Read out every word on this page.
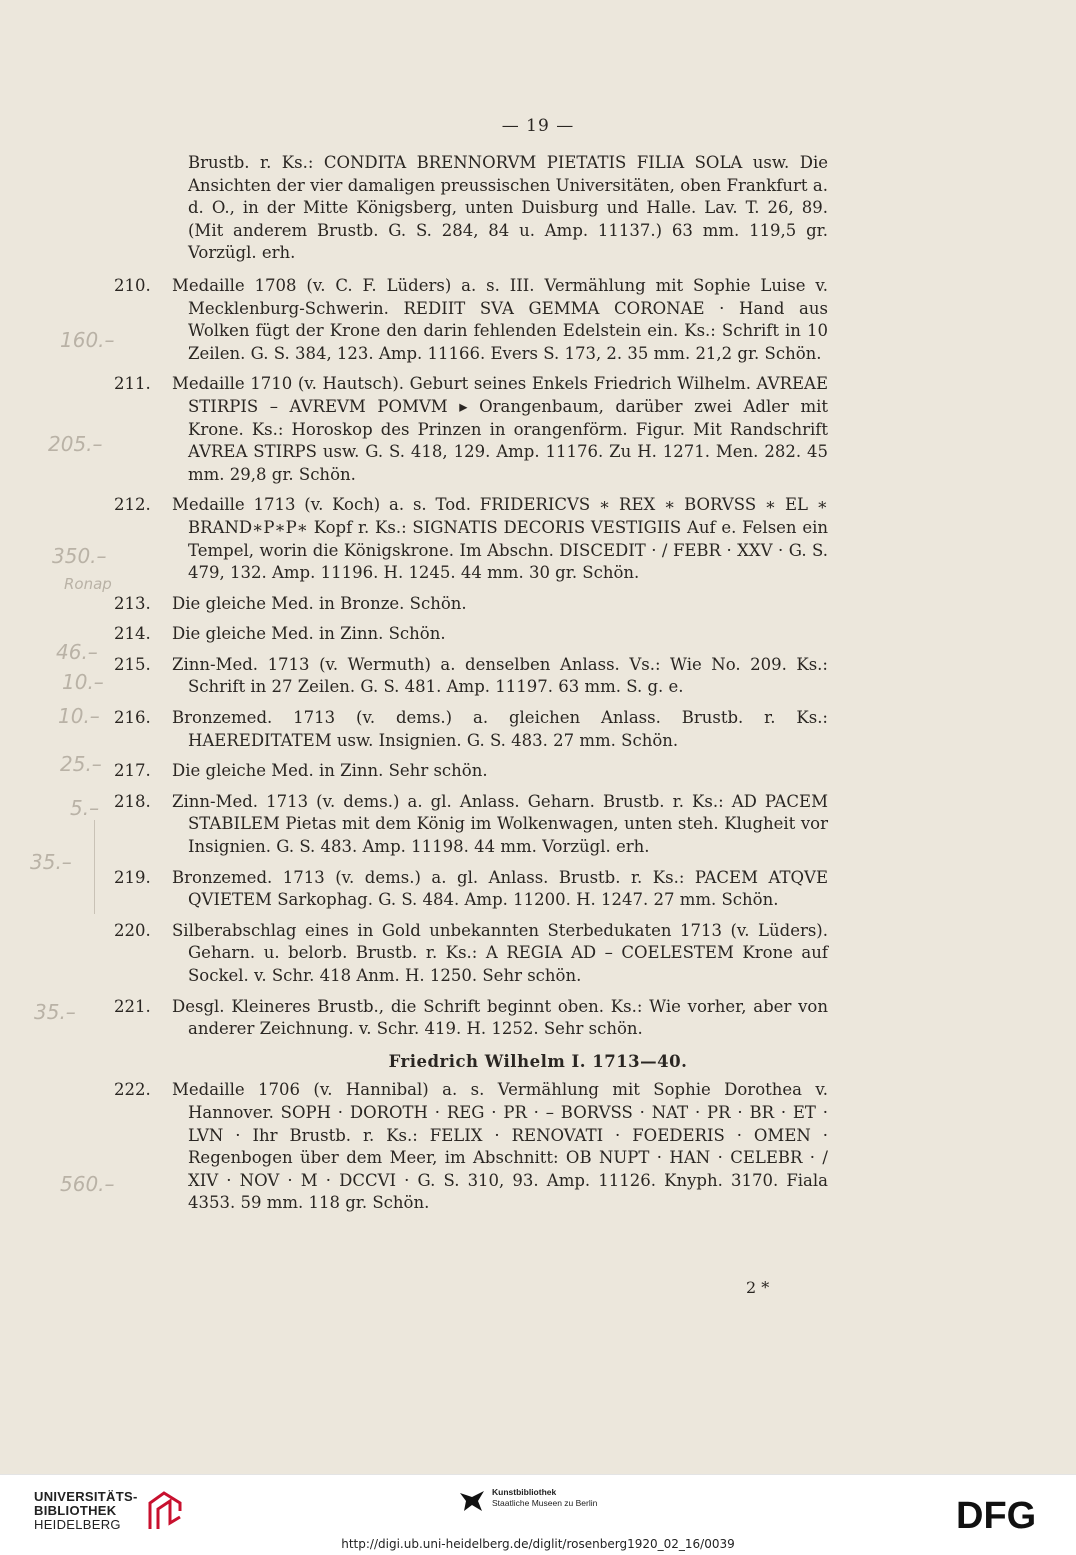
— 19 —
Brustb. r. Ks.: CONDITA BRENNORVM PIETATIS FILIA SOLA usw. Die Ansichten der vier damaligen preussischen Universitäten, oben Frankfurt a. d. O., in der Mitte Königsberg, unten Duisburg und Halle. Lav. T. 26, 89. (Mit anderem Brustb. G. S. 284, 84 u. Amp. 11137.) 63 mm. 119,5 gr. Vorzügl. erh.
210. Medaille 1708 (v. C. F. Lüders) a. s. III. Vermählung mit Sophie Luise v. Mecklenburg-Schwerin. REDIIT SVA GEMMA CORONAE · Hand aus Wolken fügt der Krone den darin fehlenden Edelstein ein. Ks.: Schrift in 10 Zeilen. G. S. 384, 123. Amp. 11166. Evers S. 173, 2. 35 mm. 21,2 gr. Schön.
211. Medaille 1710 (v. Hautsch). Geburt seines Enkels Friedrich Wilhelm. AVREAE STIRPIS – AVREVM POMVM ▸ Orangenbaum, darüber zwei Adler mit Krone. Ks.: Horoskop des Prinzen in orangenförm. Figur. Mit Randschrift AVREA STIRPS usw. G. S. 418, 129. Amp. 11176. Zu H. 1271. Men. 282. 45 mm. 29,8 gr. Schön.
212. Medaille 1713 (v. Koch) a. s. Tod. FRIDERICVS ∗ REX ∗ BORVSS ∗ EL ∗ BRAND∗P∗P∗ Kopf r. Ks.: SIGNATIS DECORIS VESTIGIIS Auf e. Felsen ein Tempel, worin die Königskrone. Im Abschn. DISCEDIT · / FEBR · XXV · G. S. 479, 132. Amp. 11196. H. 1245. 44 mm. 30 gr. Schön.
213. Die gleiche Med. in Bronze. Schön.
214. Die gleiche Med. in Zinn. Schön.
215. Zinn-Med. 1713 (v. Wermuth) a. denselben Anlass. Vs.: Wie No. 209. Ks.: Schrift in 27 Zeilen. G. S. 481. Amp. 11197. 63 mm. S. g. e.
216. Bronzemed. 1713 (v. dems.) a. gleichen Anlass. Brustb. r. Ks.: HAEREDITATEM usw. Insignien. G. S. 483. 27 mm. Schön.
217. Die gleiche Med. in Zinn. Sehr schön.
218. Zinn-Med. 1713 (v. dems.) a. gl. Anlass. Geharn. Brustb. r. Ks.: AD PACEM STABILEM Pietas mit dem König im Wolkenwagen, unten steh. Klugheit vor Insignien. G. S. 483. Amp. 11198. 44 mm. Vorzügl. erh.
219. Bronzemed. 1713 (v. dems.) a. gl. Anlass. Brustb. r. Ks.: PACEM ATQVE QVIETEM Sarkophag. G. S. 484. Amp. 11200. H. 1247. 27 mm. Schön.
220. Silberabschlag eines in Gold unbekannten Sterbedukaten 1713 (v. Lüders). Geharn. u. belorb. Brustb. r. Ks.: A REGIA AD – COELESTEM Krone auf Sockel. v. Schr. 418 Anm. H. 1250. Sehr schön.
221. Desgl. Kleineres Brustb., die Schrift beginnt oben. Ks.: Wie vorher, aber von anderer Zeichnung. v. Schr. 419. H. 1252. Sehr schön.
Friedrich Wilhelm I. 1713—40.
222. Medaille 1706 (v. Hannibal) a. s. Vermählung mit Sophie Dorothea v. Hannover. SOPH · DOROTH · REG · PR · – BORVSS · NAT · PR · BR · ET · LVN · Ihr Brustb. r. Ks.: FELIX · RENOVATI · FOEDERIS · OMEN · Regenbogen über dem Meer, im Abschnitt: OB NUPT · HAN · CELEBR · / XIV · NOV · M · DCCVI · G. S. 310, 93. Amp. 11126. Knyph. 3170. Fiala 4353. 59 mm. 118 gr. Schön.
2 *
160.–
205.–
350.–
Ronap
46.–
10.–
10.–
25.–
5.–
35.–
35.–
560.–
UNIVERSITÄTS-
BIBLIOTHEK
HEIDELBERG
Kunstbibliothek
Staatliche Museen zu Berlin	DFG
http://digi.ub.uni-heidelberg.de/diglit/rosenberg1920_02_16/0039
